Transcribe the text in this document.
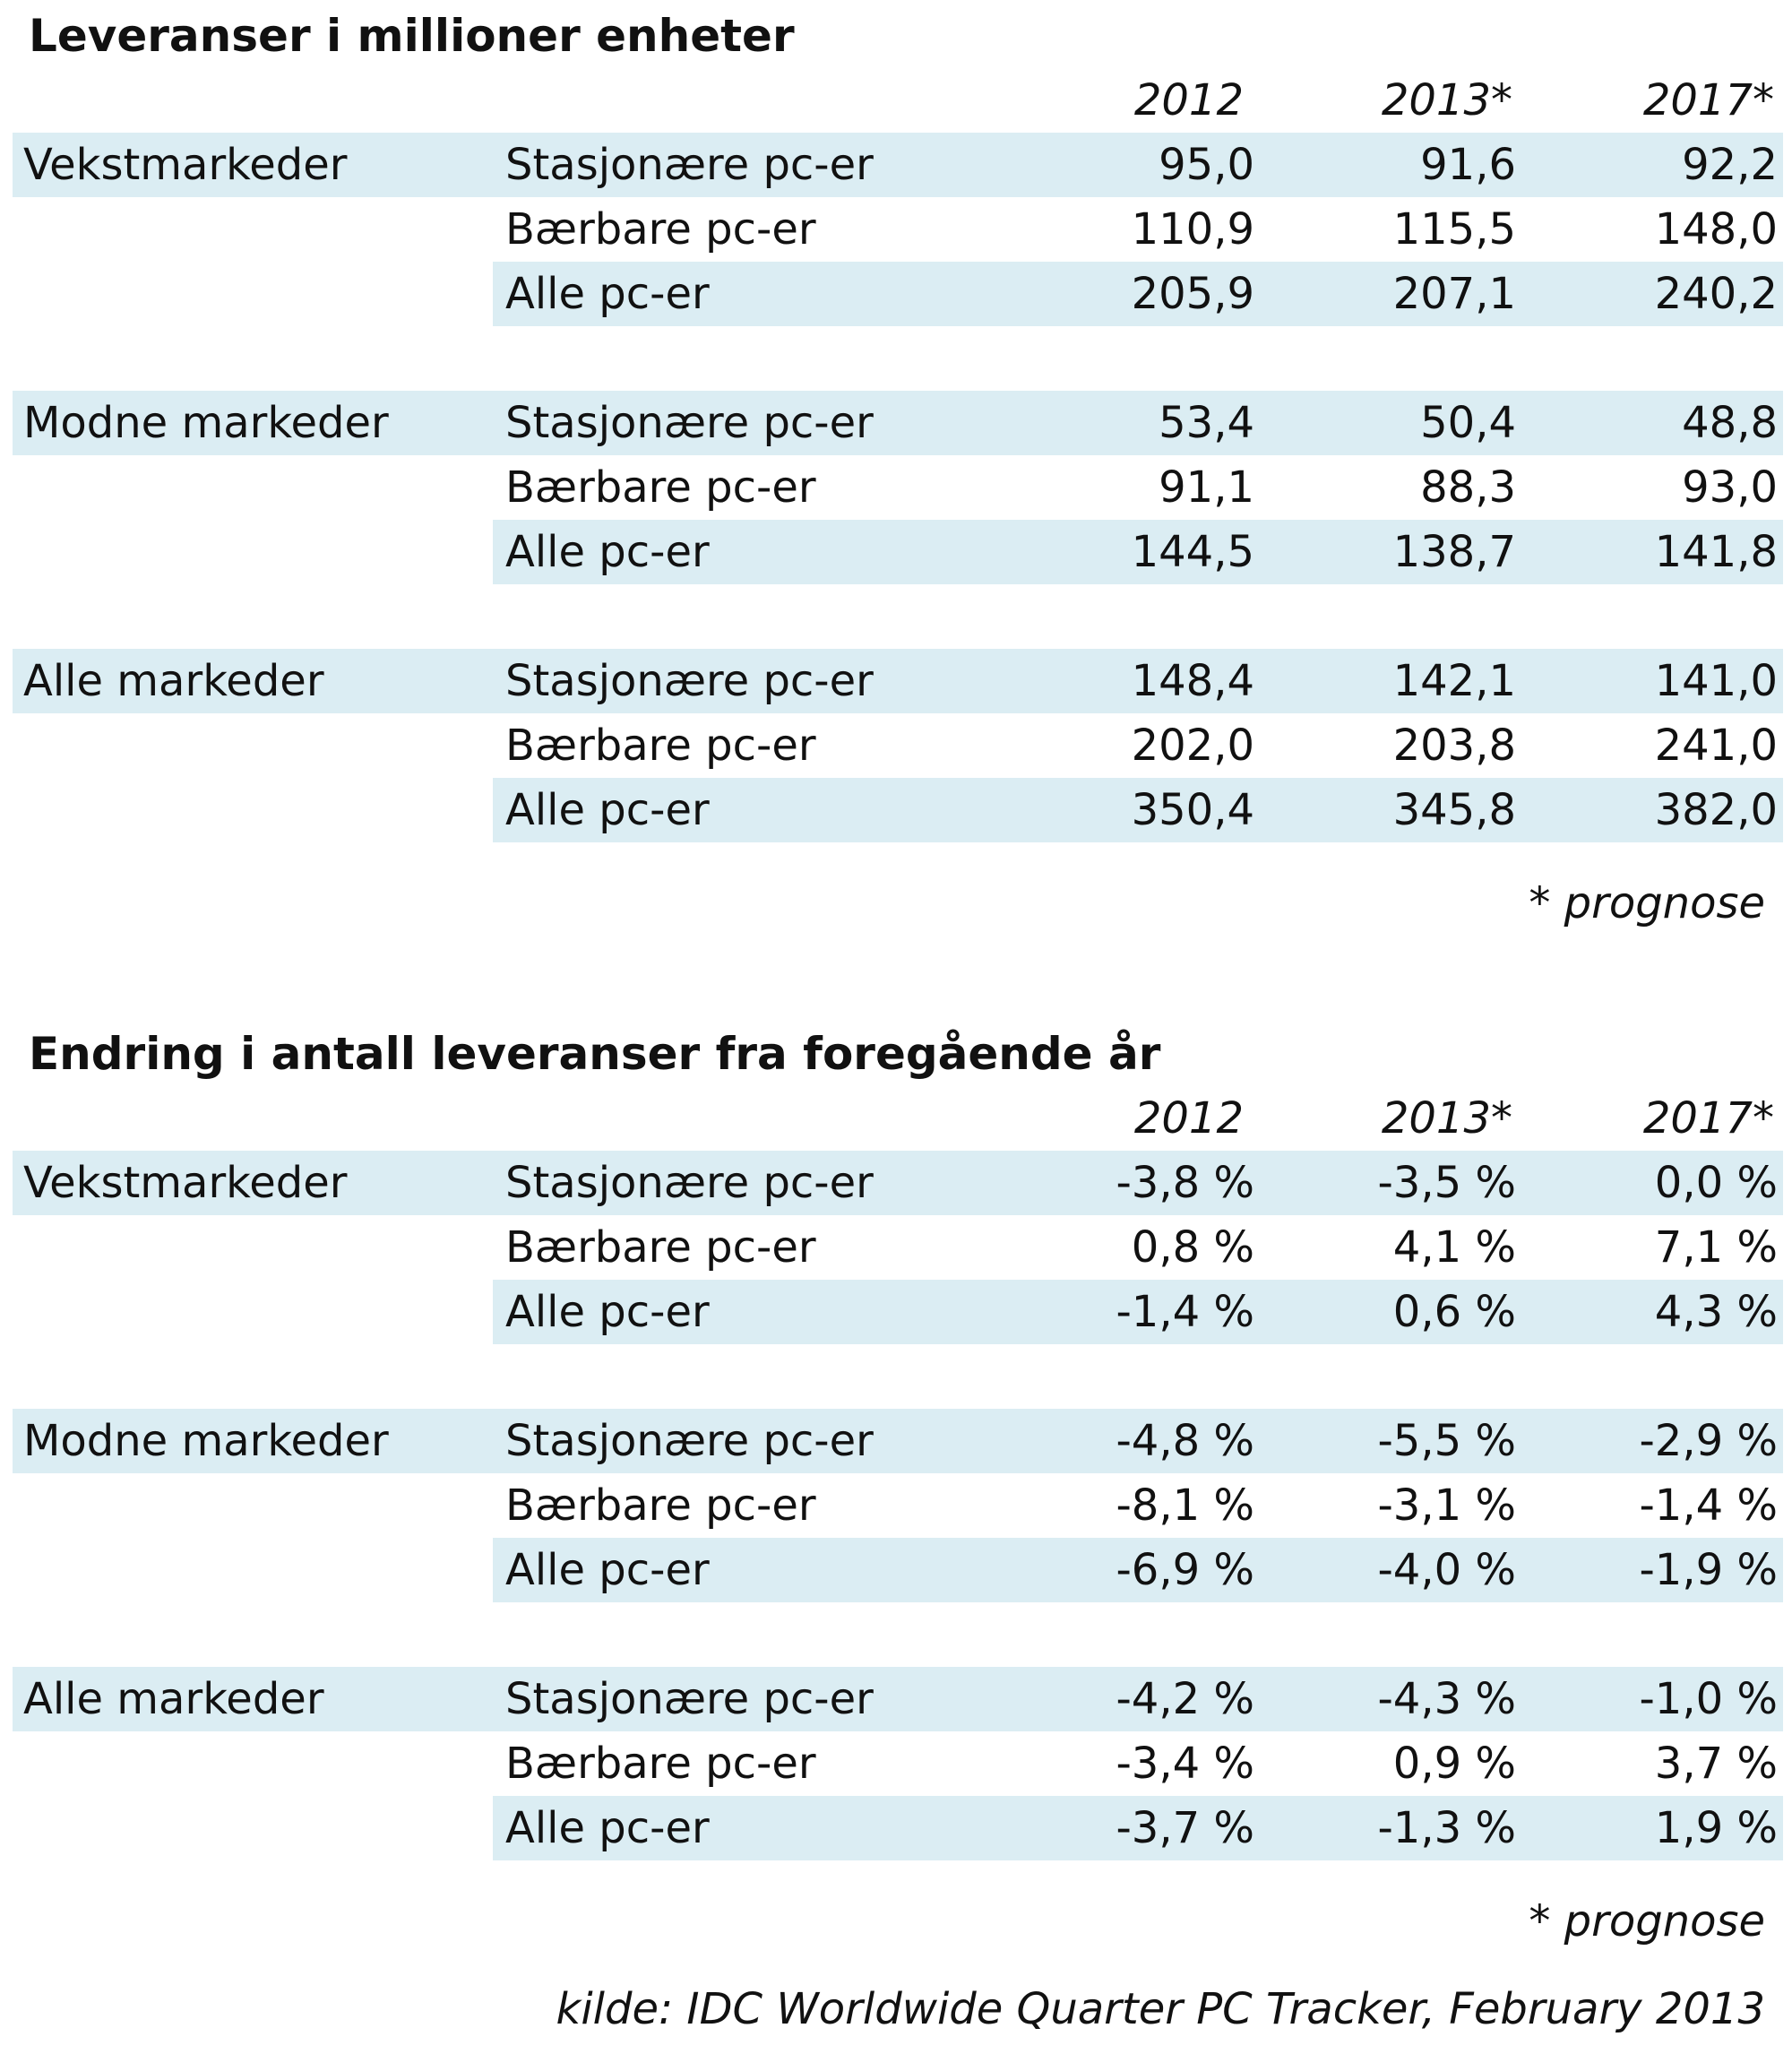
Leveranser i millioner enheter
2012	2013*	2017*
Vekstmarkeder	Stasjonære pc-er	95,0	91,6	92,2
Bærbare pc-er	110,9	115,5	148,0
Alle pc-er	205,9	207,1	240,2
Modne markeder	Stasjonære pc-er	53,4	50,4	48,8
Bærbare pc-er	91,1	88,3	93,0
Alle pc-er	144,5	138,7	141,8
Alle markeder	Stasjonære pc-er	148,4	142,1	141,0
Bærbare pc-er	202,0	203,8	241,0
Alle pc-er	350,4	345,8	382,0
* prognose
Endring i antall leveranser fra foregående år
2012	2013*	2017*
Vekstmarkeder	Stasjonære pc-er	-3,8 %	-3,5 %	0,0 %
Bærbare pc-er	0,8 %	4,1 %	7,1 %
Alle pc-er	-1,4 %	0,6 %	4,3 %
Modne markeder	Stasjonære pc-er	-4,8 %	-5,5 %	-2,9 %
Bærbare pc-er	-8,1 %	-3,1 %	-1,4 %
Alle pc-er	-6,9 %	-4,0 %	-1,9 %
Alle markeder	Stasjonære pc-er	-4,2 %	-4,3 %	-1,0 %
Bærbare pc-er	-3,4 %	0,9 %	3,7 %
Alle pc-er	-3,7 %	-1,3 %	1,9 %
* prognose
kilde: IDC Worldwide Quarter PC Tracker, February 2013
